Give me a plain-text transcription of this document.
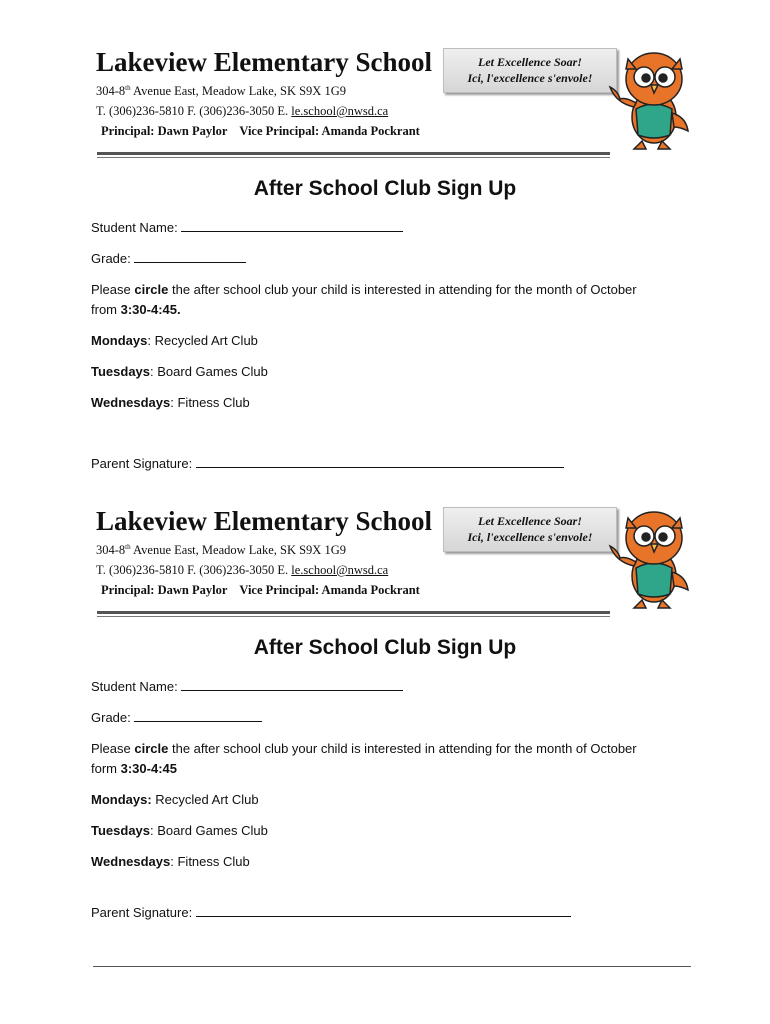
Lakeview Elementary School	Let Excellence Soar!
Ici, l'excellence s'envole!
304-8th Avenue East, Meadow Lake, SK S9X 1G9
T. (306)236-5810 F. (306)236-3050 E. le.school@nwsd.ca
Principal: Dawn Paylor Vice Principal: Amanda Pockrant
After School Club Sign Up
Student Name:
Grade:
Please circle the after school club your child is interested in attending for the month of October
from 3:30-4:45.
Mondays: Recycled Art Club
Tuesdays: Board Games Club
Wednesdays: Fitness Club
Parent Signature:
Lakeview Elementary School	Let Excellence Soar!
Ici, l'excellence s'envole!
304-8th Avenue East, Meadow Lake, SK S9X 1G9
T. (306)236-5810 F. (306)236-3050 E. le.school@nwsd.ca
Principal: Dawn Paylor Vice Principal: Amanda Pockrant
After School Club Sign Up
Student Name:
Grade:
Please circle the after school club your child is interested in attending for the month of October
form 3:30-4:45
Mondays: Recycled Art Club
Tuesdays: Board Games Club
Wednesdays: Fitness Club
Parent Signature:
